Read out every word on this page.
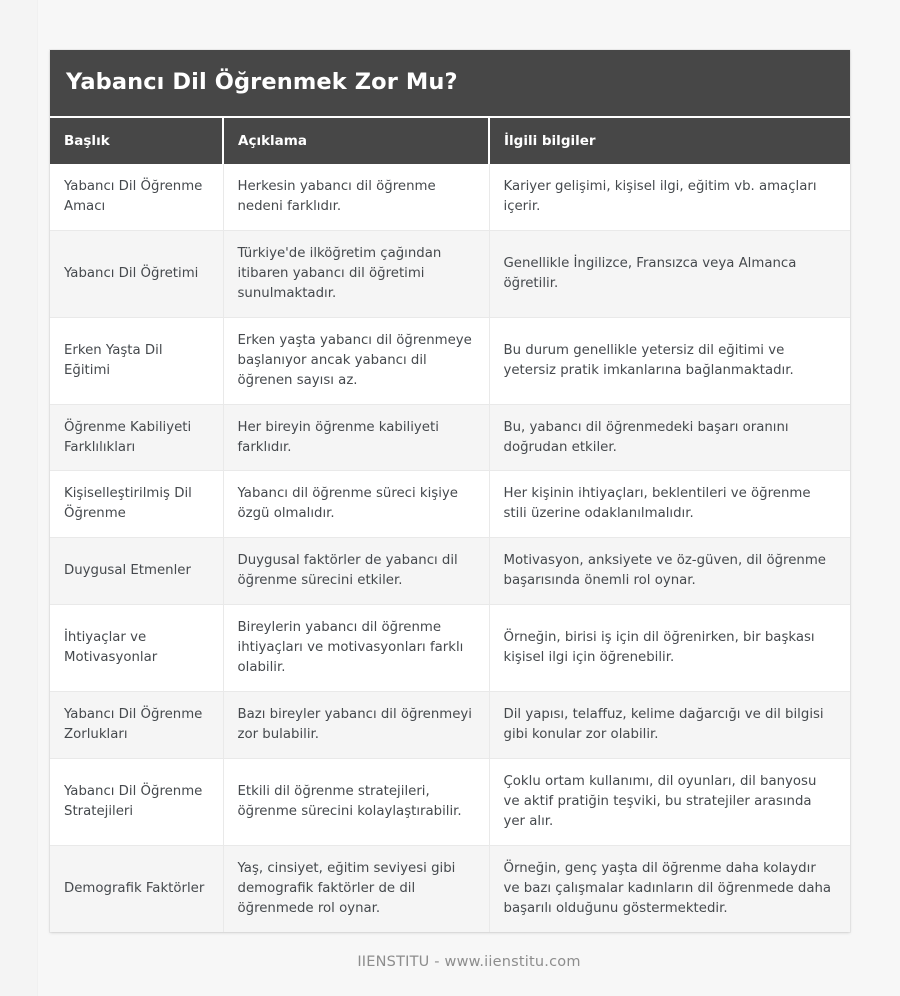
Yabancı Dil Öğrenmek Zor Mu?		

Başlık	Açıklama	İlgili bilgiler
Yabancı Dil Öğrenme Amacı	Herkesin yabancı dil öğrenme nedeni farklıdır.	Kariyer gelişimi, kişisel ilgi, eğitim vb. amaçları içerir.
Yabancı Dil Öğretimi	Türkiye'de ilköğretim çağından itibaren yabancı dil öğretimi sunulmaktadır.	Genellikle İngilizce, Fransızca veya Almanca öğretilir.
Erken Yaşta Dil Eğitimi	Erken yaşta yabancı dil öğrenmeye başlanıyor ancak yabancı dil öğrenen sayısı az.	Bu durum genellikle yetersiz dil eğitimi ve yetersiz pratik imkanlarına bağlanmaktadır.
Öğrenme Kabiliyeti Farklılıkları	Her bireyin öğrenme kabiliyeti farklıdır.	Bu, yabancı dil öğrenmedeki başarı oranını doğrudan etkiler.
Kişiselleştirilmiş Dil Öğrenme	Yabancı dil öğrenme süreci kişiye özgü olmalıdır.	Her kişinin ihtiyaçları, beklentileri ve öğrenme stili üzerine odaklanılmalıdır.
Duygusal Etmenler	Duygusal faktörler de yabancı dil öğrenme sürecini etkiler.	Motivasyon, anksiyete ve öz-güven, dil öğrenme başarısında önemli rol oynar.
İhtiyaçlar ve Motivasyonlar	Bireylerin yabancı dil öğrenme ihtiyaçları ve motivasyonları farklı olabilir.	Örneğin, birisi iş için dil öğrenirken, bir başkası kişisel ilgi için öğrenebilir.
Yabancı Dil Öğrenme Zorlukları	Bazı bireyler yabancı dil öğrenmeyi zor bulabilir.	Dil yapısı, telaffuz, kelime dağarcığı ve dil bilgisi gibi konular zor olabilir.
Yabancı Dil Öğrenme Stratejileri	Etkili dil öğrenme stratejileri, öğrenme sürecini kolaylaştırabilir.	Çoklu ortam kullanımı, dil oyunları, dil banyosu ve aktif pratiğin teşviki, bu stratejiler arasında yer alır.
Demografik Faktörler	Yaş, cinsiyet, eğitim seviyesi gibi demografik faktörler de dil öğrenmede rol oynar.	Örneğin, genç yaşta dil öğrenme daha kolaydır ve bazı çalışmalar kadınların dil öğrenmede daha başarılı olduğunu göstermektedir.
IIENSTITU - www.iienstitu.com
